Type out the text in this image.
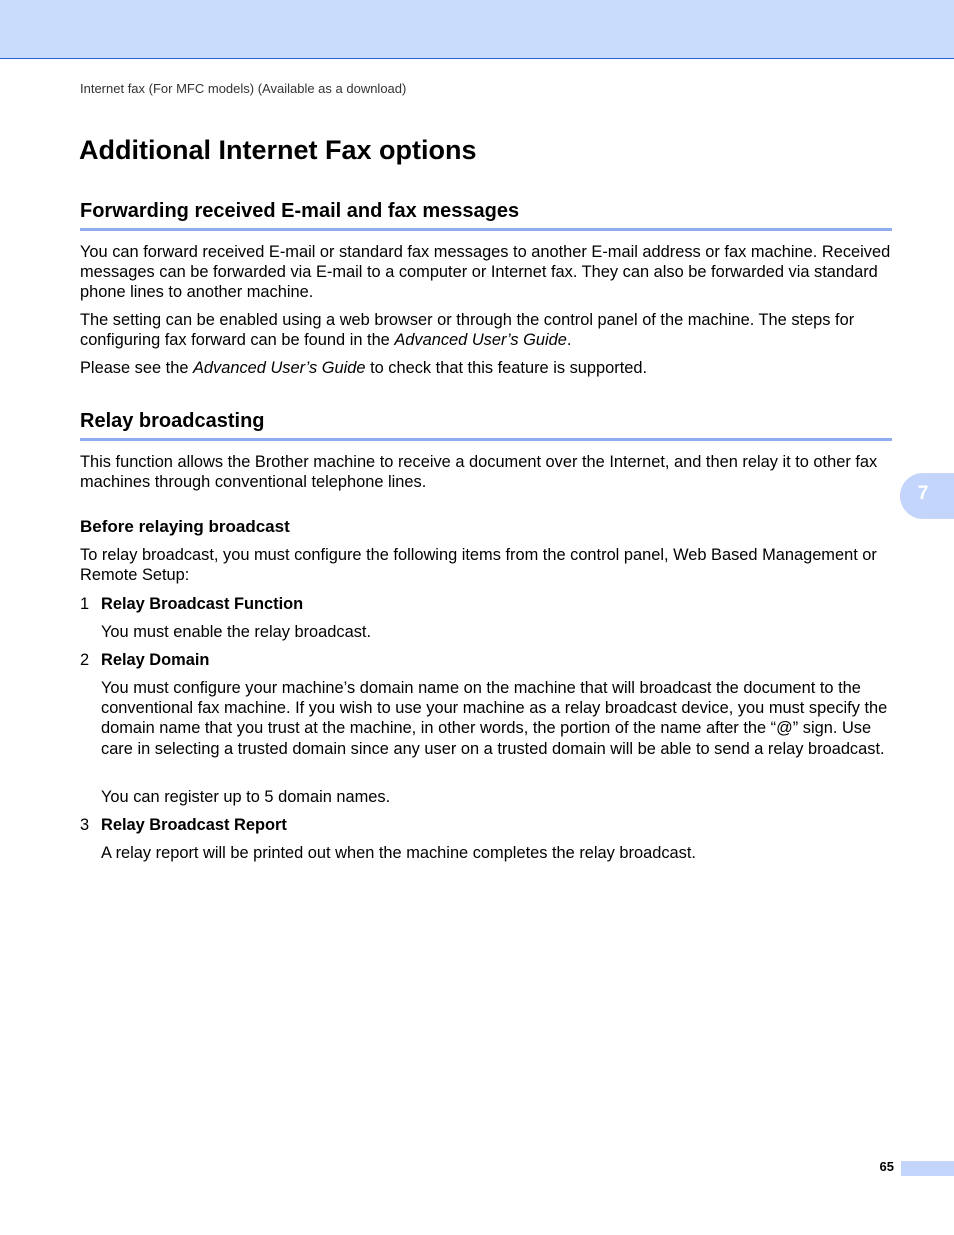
Internet fax (For MFC models) (Available as a download)
Additional Internet Fax options
Forwarding received E-mail and fax messages

You can forward received E-mail or standard fax messages to another E-mail address or fax machine. Received messages can be forwarded via E-mail to a computer or Internet fax. They can also be forwarded via standard phone lines to another machine.

The setting can be enabled using a web browser or through the control panel of the machine. The steps for configuring fax forward can be found in the Advanced User’s Guide.

Please see the Advanced User’s Guide to check that this feature is supported.

Relay broadcasting

This function allows the Brother machine to receive a document over the Internet, and then relay it to other fax machines through conventional telephone lines.

Before relaying broadcast

To relay broadcast, you must configure the following items from the control panel, Web Based Management or Remote Setup:

1 Relay Broadcast Function

You must enable the relay broadcast.

2 Relay Domain

You must configure your machine’s domain name on the machine that will broadcast the document to the conventional fax machine. If you wish to use your machine as a relay broadcast device, you must specify the domain name that you trust at the machine, in other words, the portion of the name after the “@” sign. Use care in selecting a trusted domain since any user on a trusted domain will be able to send a relay broadcast.

You can register up to 5 domain names.

3 Relay Broadcast Report

A relay report will be printed out when the machine completes the relay broadcast.

7
65
